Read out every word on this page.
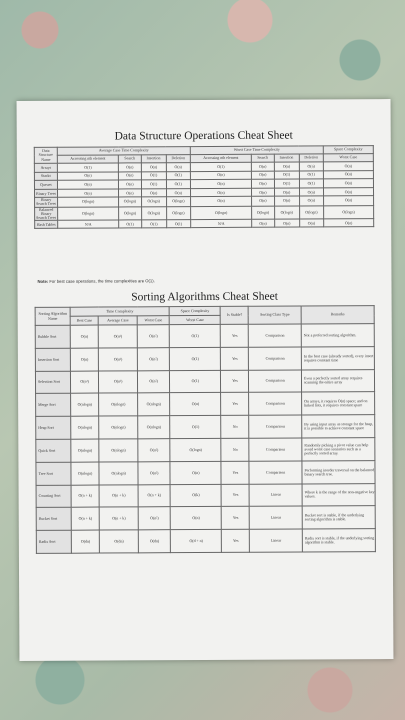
Data Structure Operations Cheat Sheet
Data Structure Name	Average Case Time Complexity				Worst Case Time Complexity				Space Complexity
	Accessing nth element	Search	Insertion	Deletion	Accessing nth element	Search	Insertion	Deletion	Worst Case
Arrays	O(1)	O(n)	O(n)	O(n)	O(1)	O(n)	O(n)	O(n)	O(n)
Stacks	O(n)	O(n)	O(1)	O(1)	O(n)	O(n)	O(1)	O(1)	O(n)
Queues	O(n)	O(n)	O(1)	O(1)	O(n)	O(n)	O(1)	O(1)	O(n)
Binary Trees	O(n)	O(n)	O(n)	O(n)	O(n)	O(n)	O(n)	O(n)	O(n)
Binary Search Trees	O(logn)	O(logn)	O(logn)	O(logn)	O(n)	O(n)	O(n)	O(n)	O(n)
Balanced Binary Search Trees	O(logn)	O(logn)	O(logn)	O(logn)	O(logn)	O(logn)	O(logn)	O(logn)	O(logn)
Hash Tables	N/A	O(1)	O(1)	O(1)	N/A	O(n)	O(n)	O(n)	O(n)
Note: For best case operations, the time complexities are O(1).
Sorting Algorithms Cheat Sheet
Sorting Algorithm Name	Time Complexity			Space Complexity	Is Stable?	Sorting Class Type	Remarks
	Best Case	Average Case	Worst Case	Worst Case			
Bubble Sort	O(n)	O(n²)	O(n²)	O(1)	Yes	Comparison	Not a preferred sorting algorithm.
Insertion Sort	O(n)	O(n²)	O(n²)	O(1)	Yes	Comparison	In the best case (already sorted), every insert requires constant time
Selection Sort	O(n²)	O(n²)	O(n²)	O(1)	Yes	Comparison	Even a perfectly sorted array requires scanning the entire array
Merge Sort	O(nlogn)	O(nlogn)	O(nlogn)	O(n)	Yes	Comparison	On arrays, it requires O(n) space; and on linked lists, it requires constant space
Heap Sort	O(nlogn)	O(nlogn)	O(nlogn)	O(1)	No	Comparison	By using input array as storage for the heap, it is possible to achieve constant space
Quick Sort	O(nlogn)	O(nlogn)	O(n²)	O(logn)	No	Comparison	Randomly picking a pivot value can help avoid worst case scenarios such as a perfectly sorted array.
Tree Sort	O(nlogn)	O(nlogn)	O(n²)	O(n)	Yes	Comparison	Performing inorder traversal on the balanced binary search tree.
Counting Sort	O(n + k)	O(n + k)	O(n + k)	O(k)	Yes	Linear	Where k is the range of the non-negative key values.
Bucket Sort	O(n + k)	O(n + k)	O(n²)	O(n)	Yes	Linear	Bucket sort is stable, if the underlying sorting algorithm is stable.
Radix Sort	O(dn)	O(dn)	O(dn)	O(d + n)	Yes	Linear	Radix sort is stable, if the underlying sorting algorithm is stable.
